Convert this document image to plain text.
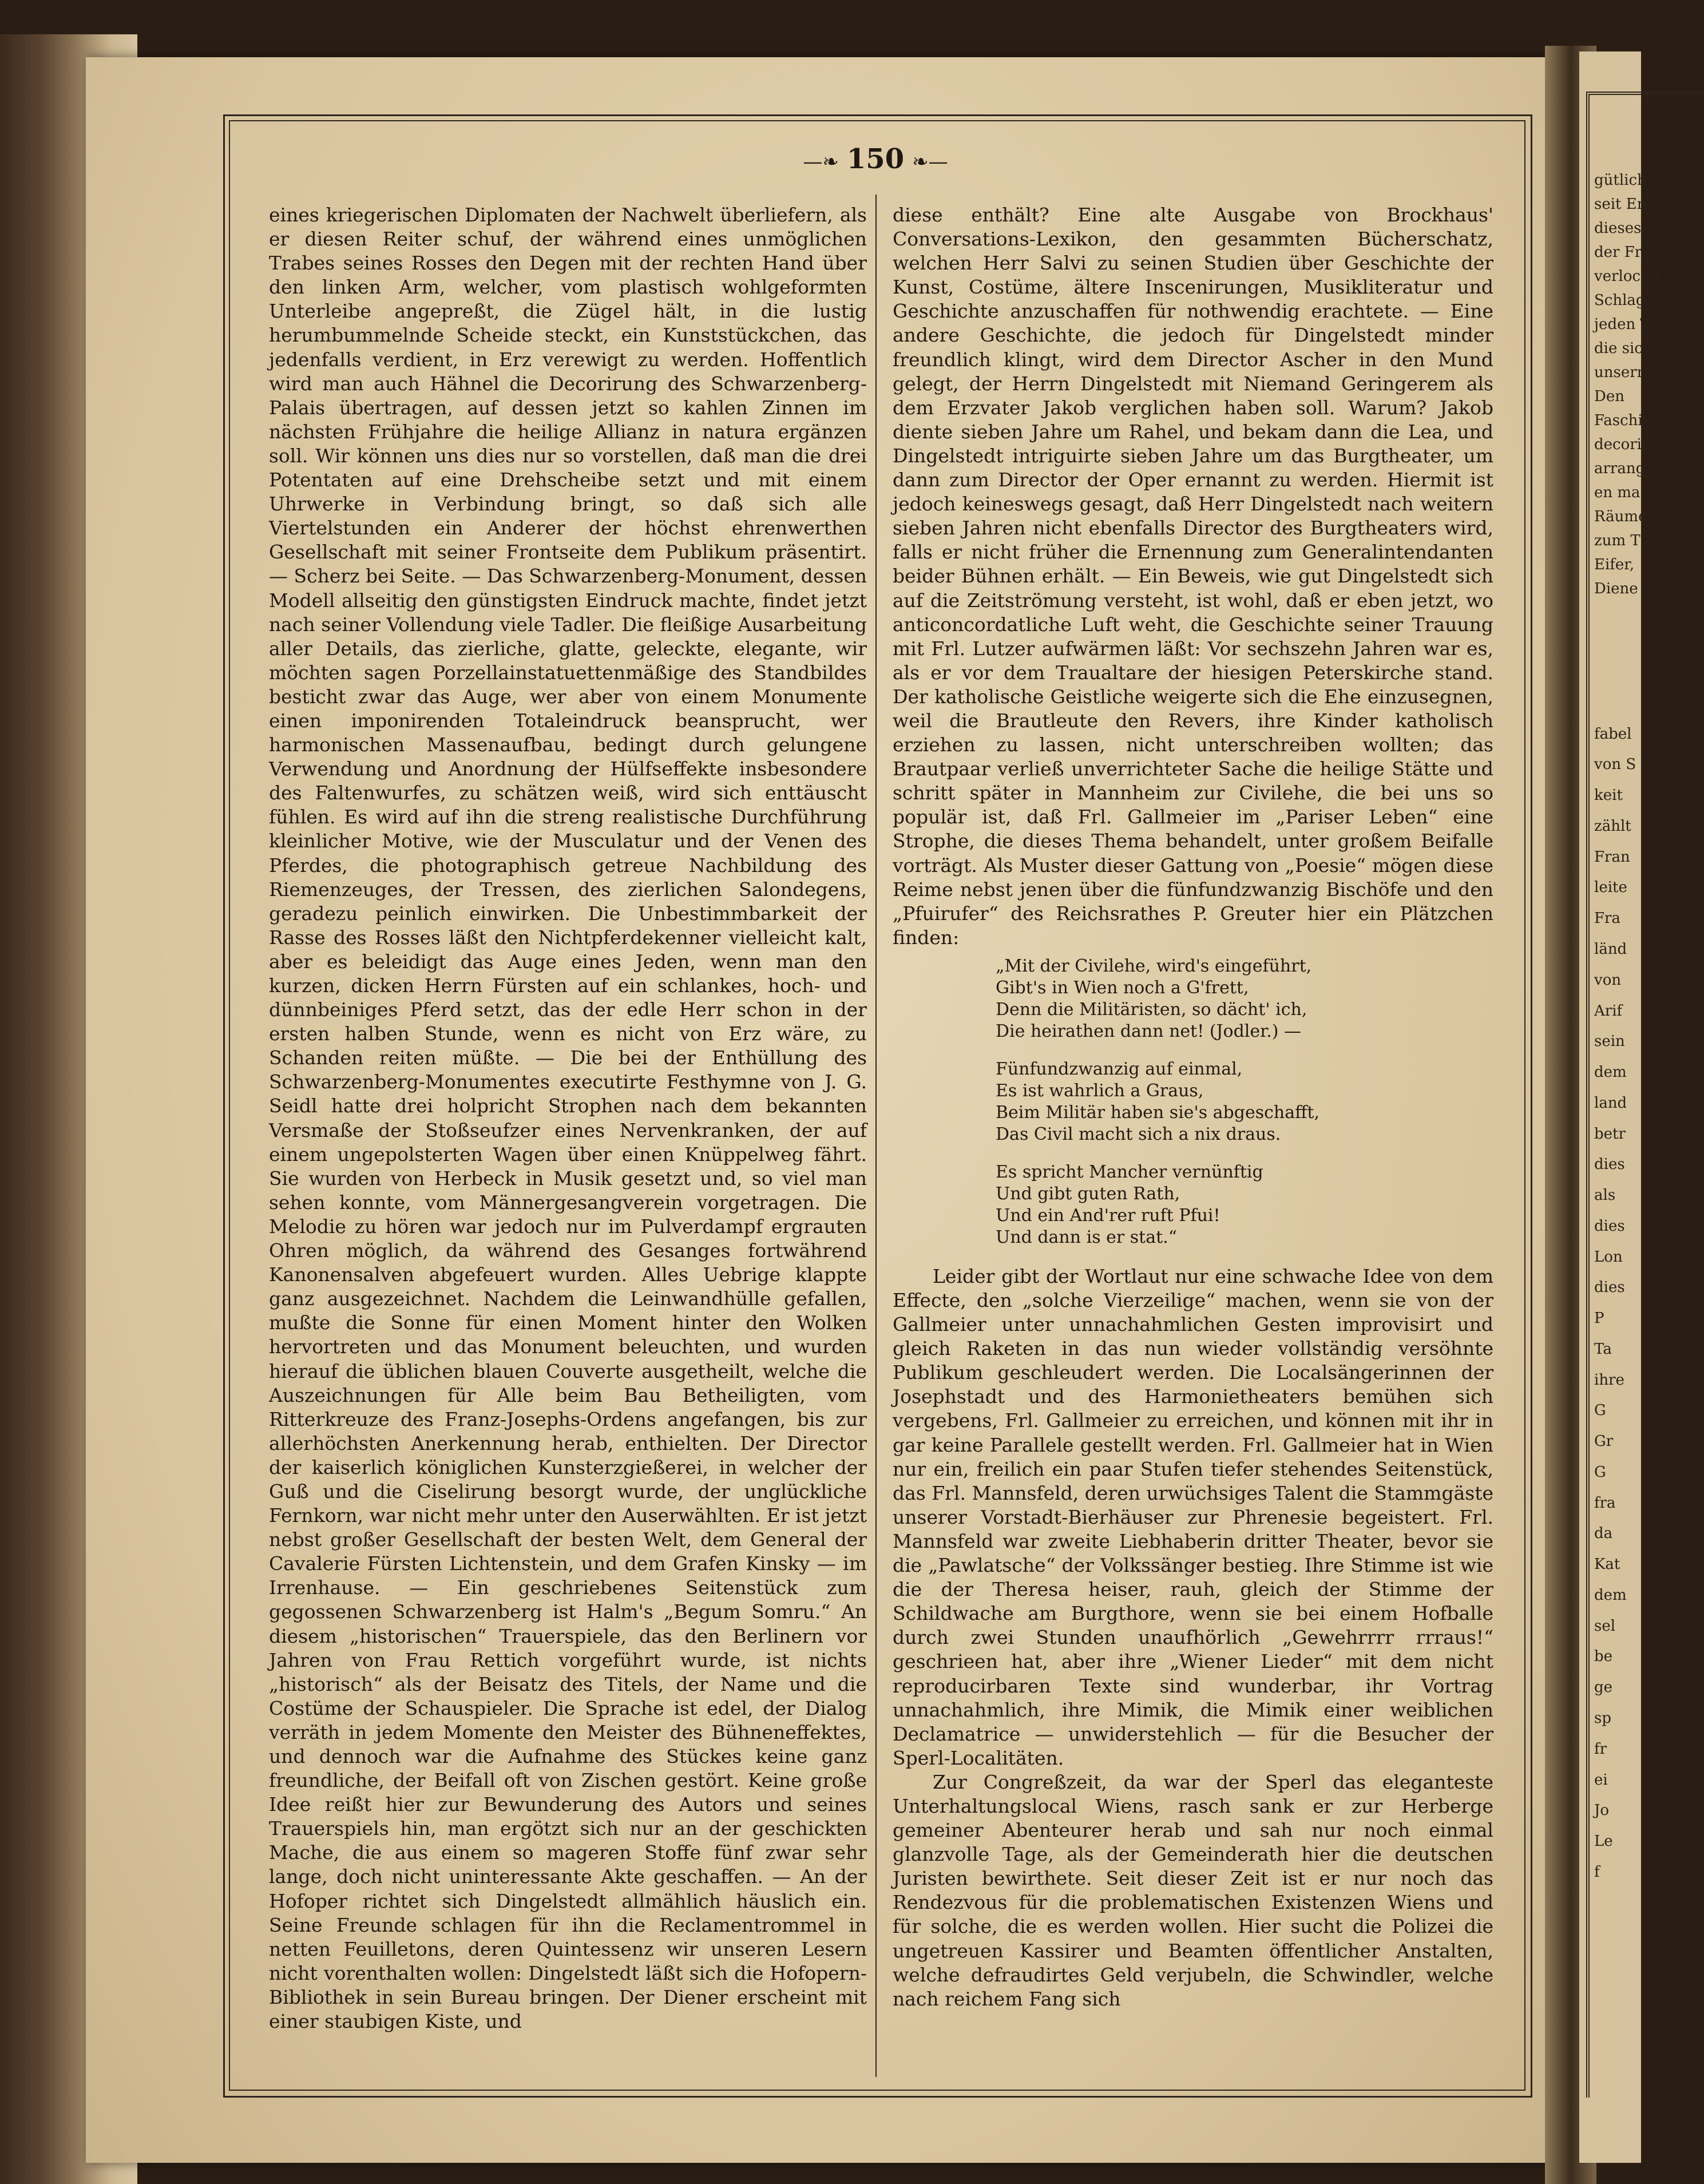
gütlich
seit En
dieses
der Fr
verlocke
Schlag
jeden T
die sic
unserr
Den
Faschi
decorir
arrang
en ma
Räume
zum T
Eifer,
Diene
fabel
von S
keit
zählt
Fran
leite
Fra
länd
von
Arif
sein
dem
land
betr
dies
als
dies
Lon
dies
P
Ta
ihre
G
Gr
G
fra
da
Kat
dem
sel
be
ge
sp
fr
ei
Jo
Le
f
—❧ 150 ❧—

eines kriegerischen Diplomaten der Nachwelt überliefern, als er diesen Reiter schuf, der während eines unmöglichen Trabes seines Rosses den Degen mit der rechten Hand über den linken Arm, welcher, vom plastisch wohlgeformten Unterleibe angepreßt, die Zügel hält, in die lustig herumbummelnde Scheide steckt, ein Kunststückchen, das jedenfalls verdient, in Erz verewigt zu werden. Hoffentlich wird man auch Hähnel die Decorirung des Schwarzenberg-Palais übertragen, auf dessen jetzt so kahlen Zinnen im nächsten Frühjahre die heilige Allianz in natura ergänzen soll. Wir können uns dies nur so vorstellen, daß man die drei Potentaten auf eine Drehscheibe setzt und mit einem Uhrwerke in Verbindung bringt, so daß sich alle Viertelstunden ein Anderer der höchst ehrenwerthen Gesellschaft mit seiner Frontseite dem Publikum präsentirt. — Scherz bei Seite. — Das Schwarzenberg-Monument, dessen Modell allseitig den günstigsten Eindruck machte, findet jetzt nach seiner Vollendung viele Tadler. Die fleißige Ausarbeitung aller Details, das zierliche, glatte, geleckte, elegante, wir möchten sagen Porzellainstatuettenmäßige des Standbildes besticht zwar das Auge, wer aber von einem Monumente einen imponirenden Totaleindruck beansprucht, wer harmonischen Massenaufbau, bedingt durch gelungene Verwendung und Anordnung der Hülfseffekte insbesondere des Faltenwurfes, zu schätzen weiß, wird sich enttäuscht fühlen. Es wird auf ihn die streng realistische Durchführung kleinlicher Motive, wie der Musculatur und der Venen des Pferdes, die photographisch getreue Nachbildung des Riemenzeuges, der Tressen, des zierlichen Salondegens, geradezu peinlich einwirken. Die Unbestimmbarkeit der Rasse des Rosses läßt den Nichtpferdekenner vielleicht kalt, aber es beleidigt das Auge eines Jeden, wenn man den kurzen, dicken Herrn Fürsten auf ein schlankes, hoch- und dünnbeiniges Pferd setzt, das der edle Herr schon in der ersten halben Stunde, wenn es nicht von Erz wäre, zu Schanden reiten müßte. — Die bei der Enthüllung des Schwarzenberg-Monumentes executirte Festhymne von J. G. Seidl hatte drei holpricht Strophen nach dem bekannten Versmaße der Stoßseufzer eines Nervenkranken, der auf einem ungepolsterten Wagen über einen Knüppelweg fährt. Sie wurden von Herbeck in Musik gesetzt und, so viel man sehen konnte, vom Männergesangverein vorgetragen. Die Melodie zu hören war jedoch nur im Pulverdampf ergrauten Ohren möglich, da während des Gesanges fortwährend Kanonensalven abgefeuert wurden. Alles Uebrige klappte ganz ausgezeichnet. Nachdem die Leinwandhülle gefallen, mußte die Sonne für einen Moment hinter den Wolken hervortreten und das Monument beleuchten, und wurden hierauf die üblichen blauen Couverte ausgetheilt, welche die Auszeichnungen für Alle beim Bau Betheiligten, vom Ritterkreuze des Franz-Josephs-Ordens angefangen, bis zur allerhöchsten Anerkennung herab, enthielten. Der Director der kaiserlich königlichen Kunsterzgießerei, in welcher der Guß und die Ciselirung besorgt wurde, der unglückliche Fernkorn, war nicht mehr unter den Auserwählten. Er ist jetzt nebst großer Gesellschaft der besten Welt, dem General der Cavalerie Fürsten Lichtenstein, und dem Grafen Kinsky — im Irrenhause. — Ein geschriebenes Seitenstück zum gegossenen Schwarzenberg ist Halm's „Begum Somru.“ An diesem „historischen“ Trauerspiele, das den Berlinern vor Jahren von Frau Rettich vorgeführt wurde, ist nichts „historisch“ als der Beisatz des Titels, der Name und die Costüme der Schauspieler. Die Sprache ist edel, der Dialog verräth in jedem Momente den Meister des Bühneneffektes, und dennoch war die Aufnahme des Stückes keine ganz freundliche, der Beifall oft von Zischen gestört. Keine große Idee reißt hier zur Bewunderung des Autors und seines Trauerspiels hin, man ergötzt sich nur an der geschickten Mache, die aus einem so mageren Stoffe fünf zwar sehr lange, doch nicht uninteressante Akte geschaffen. — An der Hofoper richtet sich Dingelstedt allmählich häuslich ein. Seine Freunde schlagen für ihn die Reclamentrommel in netten Feuilletons, deren Quintessenz wir unseren Lesern nicht vorenthalten wollen: Dingelstedt läßt sich die Hofopern-Bibliothek in sein Bureau bringen. Der Diener erscheint mit einer staubigen Kiste, und

diese enthält? Eine alte Ausgabe von Brockhaus' Conversations-Lexikon, den gesammten Bücherschatz, welchen Herr Salvi zu seinen Studien über Geschichte der Kunst, Costüme, ältere Inscenirungen, Musikliteratur und Geschichte anzuschaffen für nothwendig erachtete. — Eine andere Geschichte, die jedoch für Dingelstedt minder freundlich klingt, wird dem Director Ascher in den Mund gelegt, der Herrn Dingelstedt mit Niemand Geringerem als dem Erzvater Jakob verglichen haben soll. Warum? Jakob diente sieben Jahre um Rahel, und bekam dann die Lea, und Dingelstedt intriguirte sieben Jahre um das Burgtheater, um dann zum Director der Oper ernannt zu werden. Hiermit ist jedoch keineswegs gesagt, daß Herr Dingelstedt nach weitern sieben Jahren nicht ebenfalls Director des Burgtheaters wird, falls er nicht früher die Ernennung zum Generalintendanten beider Bühnen erhält. — Ein Beweis, wie gut Dingelstedt sich auf die Zeitströmung versteht, ist wohl, daß er eben jetzt, wo anticoncordatliche Luft weht, die Geschichte seiner Trauung mit Frl. Lutzer aufwärmen läßt: Vor sechszehn Jahren war es, als er vor dem Traualtare der hiesigen Peterskirche stand. Der katholische Geistliche weigerte sich die Ehe einzusegnen, weil die Brautleute den Revers, ihre Kinder katholisch erziehen zu lassen, nicht unterschreiben wollten; das Brautpaar verließ unverrichteter Sache die heilige Stätte und schritt später in Mannheim zur Civilehe, die bei uns so populär ist, daß Frl. Gallmeier im „Pariser Leben“ eine Strophe, die dieses Thema behandelt, unter großem Beifalle vorträgt. Als Muster dieser Gattung von „Poesie“ mögen diese Reime nebst jenen über die fünfundzwanzig Bischöfe und den „Pfuirufer“ des Reichsrathes P. Greuter hier ein Plätzchen finden:

„Mit der Civilehe, wird's eingeführt,
Gibt's in Wien noch a G'frett,
Denn die Militäristen, so dächt' ich,
Die heirathen dann net! (Jodler.) —
Fünfundzwanzig auf einmal,
Es ist wahrlich a Graus,
Beim Militär haben sie's abgeschafft,
Das Civil macht sich a nix draus.
Es spricht Mancher vernünftig
Und gibt guten Rath,
Und ein And'rer ruft Pfui!
Und dann is er stat.“

Leider gibt der Wortlaut nur eine schwache Idee von dem Effecte, den „solche Vierzeilige“ machen, wenn sie von der Gallmeier unter unnachahmlichen Gesten improvisirt und gleich Raketen in das nun wieder vollständig versöhnte Publikum geschleudert werden. Die Localsängerinnen der Josephstadt und des Harmonietheaters bemühen sich vergebens, Frl. Gallmeier zu erreichen, und können mit ihr in gar keine Parallele gestellt werden. Frl. Gallmeier hat in Wien nur ein, freilich ein paar Stufen tiefer stehendes Seitenstück, das Frl. Mannsfeld, deren urwüchsiges Talent die Stammgäste unserer Vorstadt-Bierhäuser zur Phrenesie begeistert. Frl. Mannsfeld war zweite Liebhaberin dritter Theater, bevor sie die „Pawlatsche“ der Volkssänger bestieg. Ihre Stimme ist wie die der Theresa heiser, rauh, gleich der Stimme der Schildwache am Burgthore, wenn sie bei einem Hofballe durch zwei Stunden unaufhörlich „Gewehrrrr rrraus!“ geschrieen hat, aber ihre „Wiener Lieder“ mit dem nicht reproducirbaren Texte sind wunderbar, ihr Vortrag unnachahmlich, ihre Mimik, die Mimik einer weiblichen Declamatrice — unwiderstehlich — für die Besucher der Sperl-Localitäten.

Zur Congreßzeit, da war der Sperl das eleganteste Unterhaltungslocal Wiens, rasch sank er zur Herberge gemeiner Abenteurer herab und sah nur noch einmal glanzvolle Tage, als der Gemeinderath hier die deutschen Juristen bewirthete. Seit dieser Zeit ist er nur noch das Rendezvous für die problematischen Existenzen Wiens und für solche, die es werden wollen. Hier sucht die Polizei die ungetreuen Kassirer und Beamten öffentlicher Anstalten, welche defraudirtes Geld verjubeln, die Schwindler, welche nach reichem Fang sich
